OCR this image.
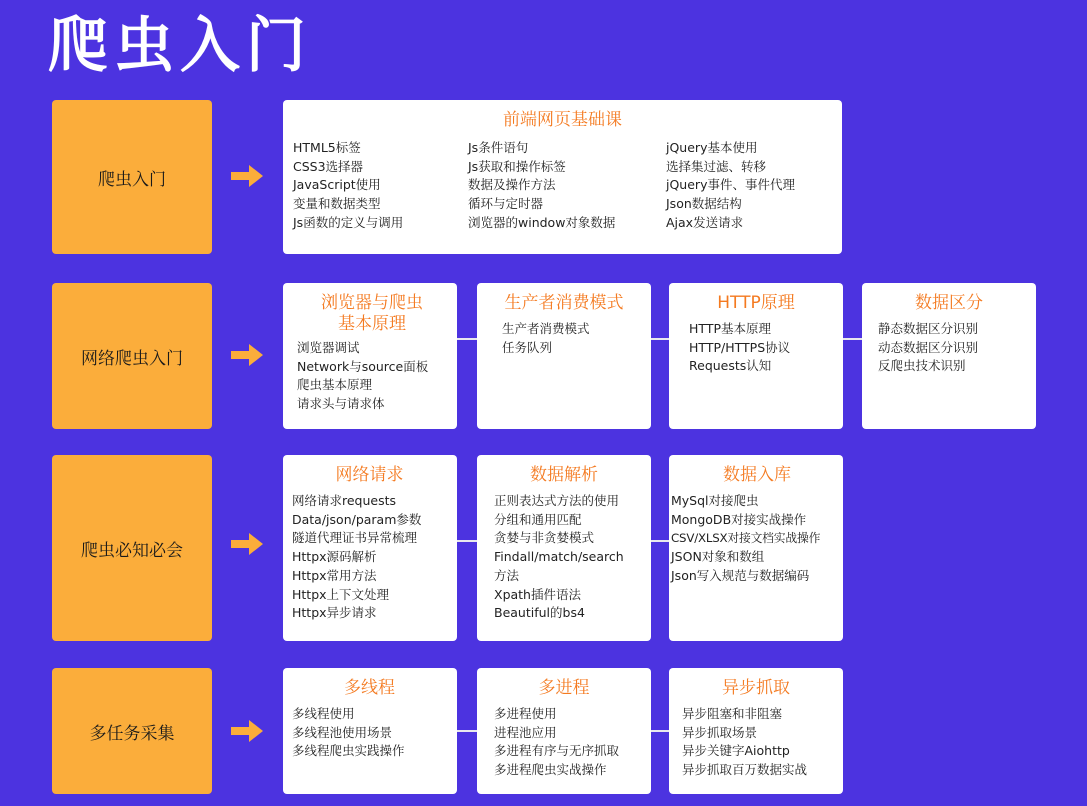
爬虫入门
爬虫入门
网络爬虫入门
爬虫必知必会
多任务采集
前端网页基础课
HTML5标签
CSS3选择器
JavaScript使用
变量和数据类型
Js函数的定义与调用
Js条件语句
Js获取和操作标签
数据及操作方法
循环与定时器
浏览器的window对象数据
jQuery基本使用
选择集过滤、转移
jQuery事件、事件代理
Json数据结构
Ajax发送请求
浏览器与爬虫
基本原理
浏览器调试
Network与source面板
爬虫基本原理
请求头与请求体
生产者消费模式
生产者消费模式
任务队列
HTTP原理
HTTP基本原理
HTTP/HTTPS协议
Requests认知
数据区分
静态数据区分识别
动态数据区分识别
反爬虫技术识别
网络请求
网络请求requests
Data/json/param参数
隧道代理证书异常梳理
Httpx源码解析
Httpx常用方法
Httpx上下文处理
Httpx异步请求
数据解析
正则表达式方法的使用
分组和通用匹配
贪婪与非贪婪模式
Findall/match/search
方法
Xpath插件语法
Beautiful的bs4
数据入库
MySql对接爬虫
MongoDB对接实战操作
CSV/XLSX对接文档实战操作
JSON对象和数组
Json写入规范与数据编码
多线程
多线程使用
多线程池使用场景
多线程爬虫实践操作
多进程
多进程使用
进程池应用
多进程有序与无序抓取
多进程爬虫实战操作
异步抓取
异步阻塞和非阻塞
异步抓取场景
异步关键字Aiohttp
异步抓取百万数据实战
